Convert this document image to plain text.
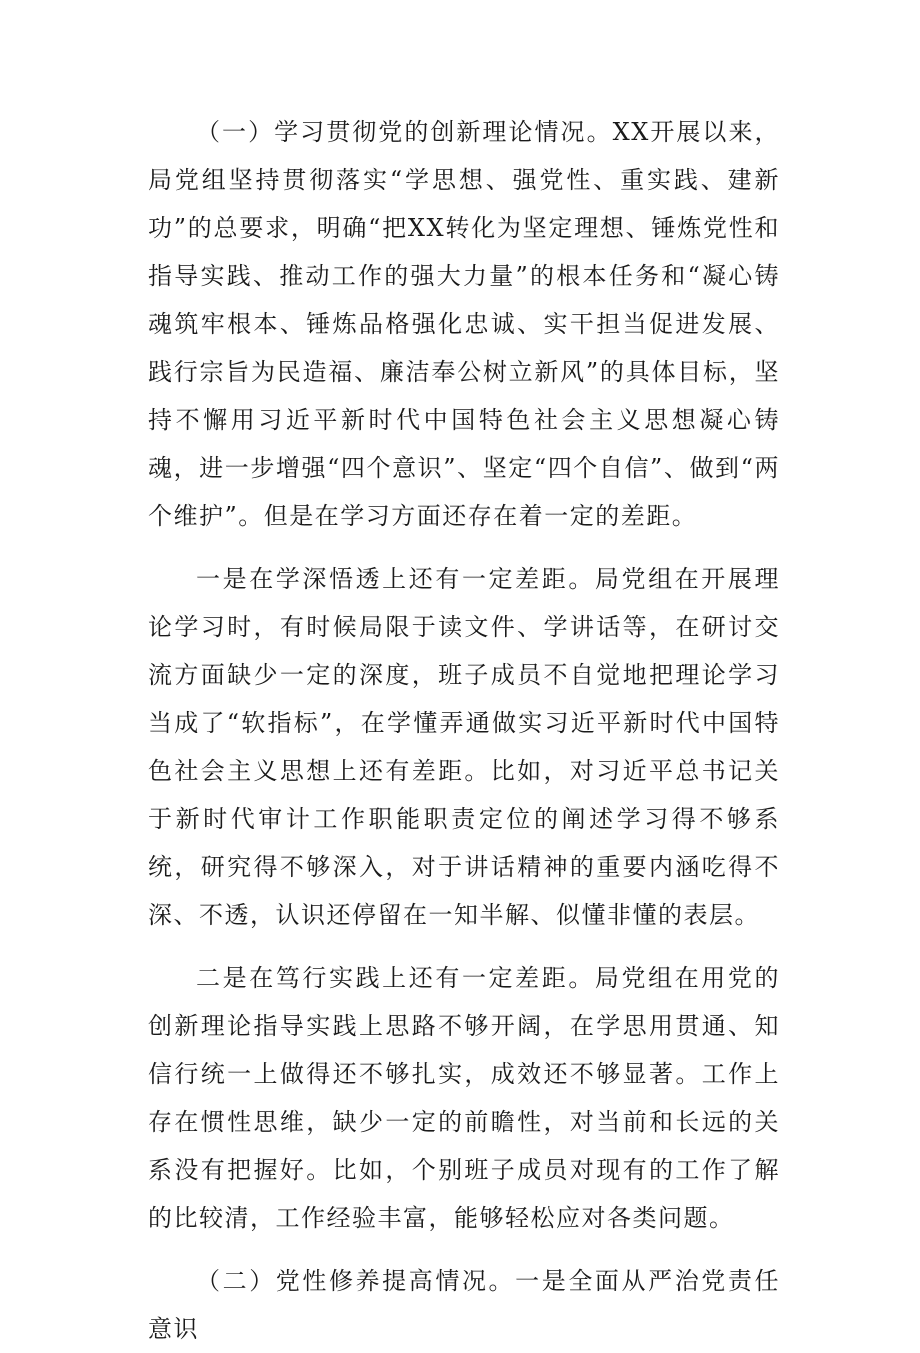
（一）学习贯彻党的创新理论情况。XX开展以来，局党组坚持贯彻落实“学思想、强党性、重实践、建新功”的总要求，明确“把XX转化为坚定理想、锤炼党性和指导实践、推动工作的强大力量”的根本任务和“凝心铸魂筑牢根本、锤炼品格强化忠诚、实干担当促进发展、践行宗旨为民造福、廉洁奉公树立新风”的具体目标，坚持不懈用习近平新时代中国特色社会主义思想凝心铸魂，进一步增强“四个意识”、坚定“四个自信”、做到“两个维护”。但是在学习方面还存在着一定的差距。

一是在学深悟透上还有一定差距。局党组在开展理论学习时，有时候局限于读文件、学讲话等，在研讨交流方面缺少一定的深度，班子成员不自觉地把理论学习当成了“软指标”，在学懂弄通做实习近平新时代中国特色社会主义思想上还有差距。比如，对习近平总书记关于新时代审计工作职能职责定位的阐述学习得不够系统，研究得不够深入，对于讲话精神的重要内涵吃得不深、不透，认识还停留在一知半解、似懂非懂的表层。

二是在笃行实践上还有一定差距。局党组在用党的创新理论指导实践上思路不够开阔，在学思用贯通、知信行统一上做得还不够扎实，成效还不够显著。工作上存在惯性思维，缺少一定的前瞻性，对当前和长远的关系没有把握好。比如，个别班子成员对现有的工作了解的比较清，工作经验丰富，能够轻松应对各类问题。

（二）党性修养提高情况。一是全面从严治党责任意识
